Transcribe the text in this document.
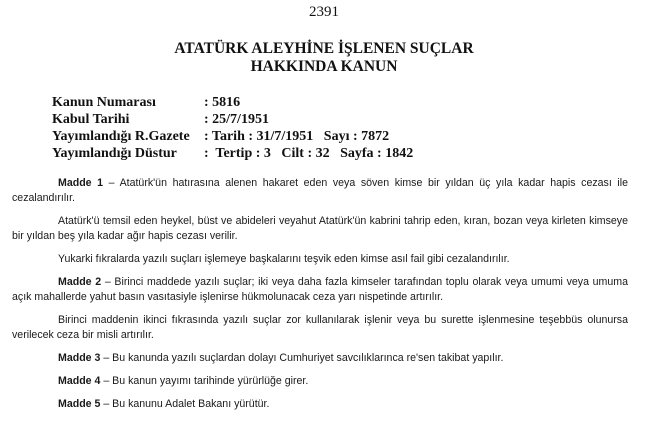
2391
ATATÜRK ALEYHİNE İŞLENEN SUÇLAR
HAKKINDA KANUN
Kanun Numarası	: 5816
Kabul Tarihi	: 25/7/1951
Yayımlandığı R.Gazete	: Tarih : 31/7/1951   Sayı : 7872
Yayımlandığı Düstur	:  Tertip : 3   Cilt : 32   Sayfa : 1842

Madde 1 – Atatürk'ün hatırasına alenen hakaret eden veya söven kimse bir yıldan üç yıla kadar hapis cezası ile cezalandırılır.

Atatürk'ü temsil eden heykel, büst ve abideleri veyahut Atatürk'ün kabrini tahrip eden, kıran, bozan veya kirleten kimseye bir yıldan beş yıla kadar ağır hapis cezası verilir.

Yukarki fıkralarda yazılı suçları işlemeye başkalarını teşvik eden kimse asıl fail gibi cezalandırılır.

Madde 2 – Birinci maddede yazılı suçlar; iki veya daha fazla kimseler tarafından toplu olarak veya umumi veya umuma açık mahallerde yahut basın vasıtasiyle işlenirse hükmolunacak ceza yarı nispetinde artırılır.

Birinci maddenin ikinci fıkrasında yazılı suçlar zor kullanılarak işlenir veya bu surette işlenmesine teşebbüs olunursa verilecek ceza bir misli artırılır.

Madde 3 – Bu kanunda yazılı suçlardan dolayı Cumhuriyet savcılıklarınca re'sen takibat yapılır.

Madde 4 – Bu kanun yayımı tarihinde yürürlüğe girer.

Madde 5 – Bu kanunu Adalet Bakanı yürütür.
